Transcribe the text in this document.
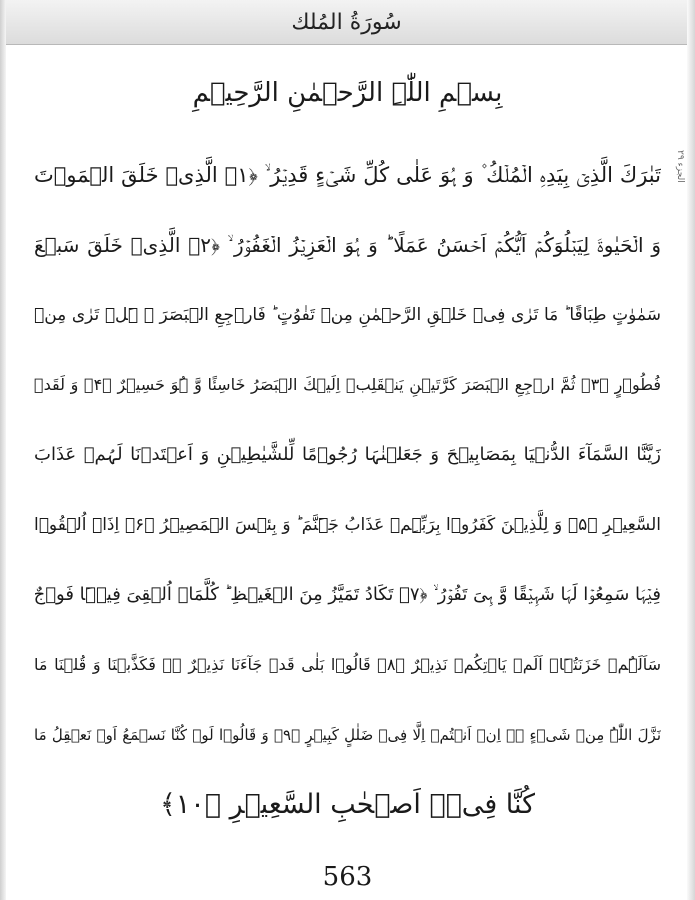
سُورَةُ المُلك
بِسۡمِ اللّٰہِ الرَّحۡمٰنِ الرَّحِیۡمِ
الجزء ۲۹
تَبٰرَكَ الَّذِیۡ بِیَدِہِ الۡمُلۡكُ ۫ وَ ہُوَ عَلٰی كُلِّ شَیۡءٍ قَدِیۡرُ ۙ ﴿۱﴾ الَّذِیۡ خَلَقَ الۡمَوۡتَ
وَ الۡحَیٰوۃَ لِیَبۡلُوَكُمۡ اَیُّكُمۡ اَحۡسَنُ عَمَلًا ؕ وَ ہُوَ الۡعَزِیۡزُ الۡغَفُوۡرُ ۙ ﴿۲﴾ الَّذِیۡ خَلَقَ سَبۡعَ
سَمٰوٰتٍ طِبَاقًا ؕ مَا تَرٰی فِیۡ خَلۡقِ الرَّحۡمٰنِ مِنۡ تَفٰوُتٍ ؕ فَارۡجِعِ الۡبَصَرَ ۙ ہَلۡ تَرٰی مِنۡ
فُطُوۡرٍ ﴿۳﴾ ثُمَّ ارۡجِعِ الۡبَصَرَ كَرَّتَیۡنِ یَنۡقَلِبۡ اِلَیۡكَ الۡبَصَرُ خَاسِئًا وَّ ہُوَ حَسِیۡرٌ ﴿۴﴾ وَ لَقَدۡ
زَیَّنَّا السَّمَآءَ الدُّنۡیَا بِمَصَابِیۡحَ وَ جَعَلۡنٰہَا رُجُوۡمًا لِّلشَّیٰطِیۡنِ وَ اَعۡتَدۡنَا لَہُمۡ عَذَابَ
السَّعِیۡرِ ﴿۵﴾ وَ لِلَّذِیۡنَ كَفَرُوۡا بِرَبِّہِمۡ عَذَابُ جَہَنَّمَ ؕ وَ بِئۡسَ الۡمَصِیۡرُ ﴿۶﴾ اِذَاۤ اُلۡقُوۡا
فِیۡہَا سَمِعُوۡا لَہَا شَہِیۡقًا وَّ ہِیَ تَفُوۡرُ ۙ ﴿۷﴾ تَكَادُ تَمَیَّزُ مِنَ الۡغَیۡظِ ؕ كُلَّمَاۤ اُلۡقِیَ فِیۡہَا فَوۡجٌ
سَاَلَہُمۡ خَزَنَتُہَاۤ اَلَمۡ یَاۡتِكُمۡ نَذِیۡرٌ ﴿۸﴾ قَالُوۡا بَلٰی قَدۡ جَآءَنَا نَذِیۡرٌ ۬ۙ فَكَذَّبۡنَا وَ قُلۡنَا مَا
نَزَّلَ اللّٰہُ مِنۡ شَیۡءٍ ۚۖ اِنۡ اَنۡتُمۡ اِلَّا فِیۡ ضَلٰلٍ كَبِیۡرٍ ﴿۹﴾ وَ قَالُوۡا لَوۡ كُنَّا نَسۡمَعُ اَوۡ نَعۡقِلُ مَا
كُنَّا فِیۡۤ اَصۡحٰبِ السَّعِیۡرِ ﴿۱۰﴾
563
